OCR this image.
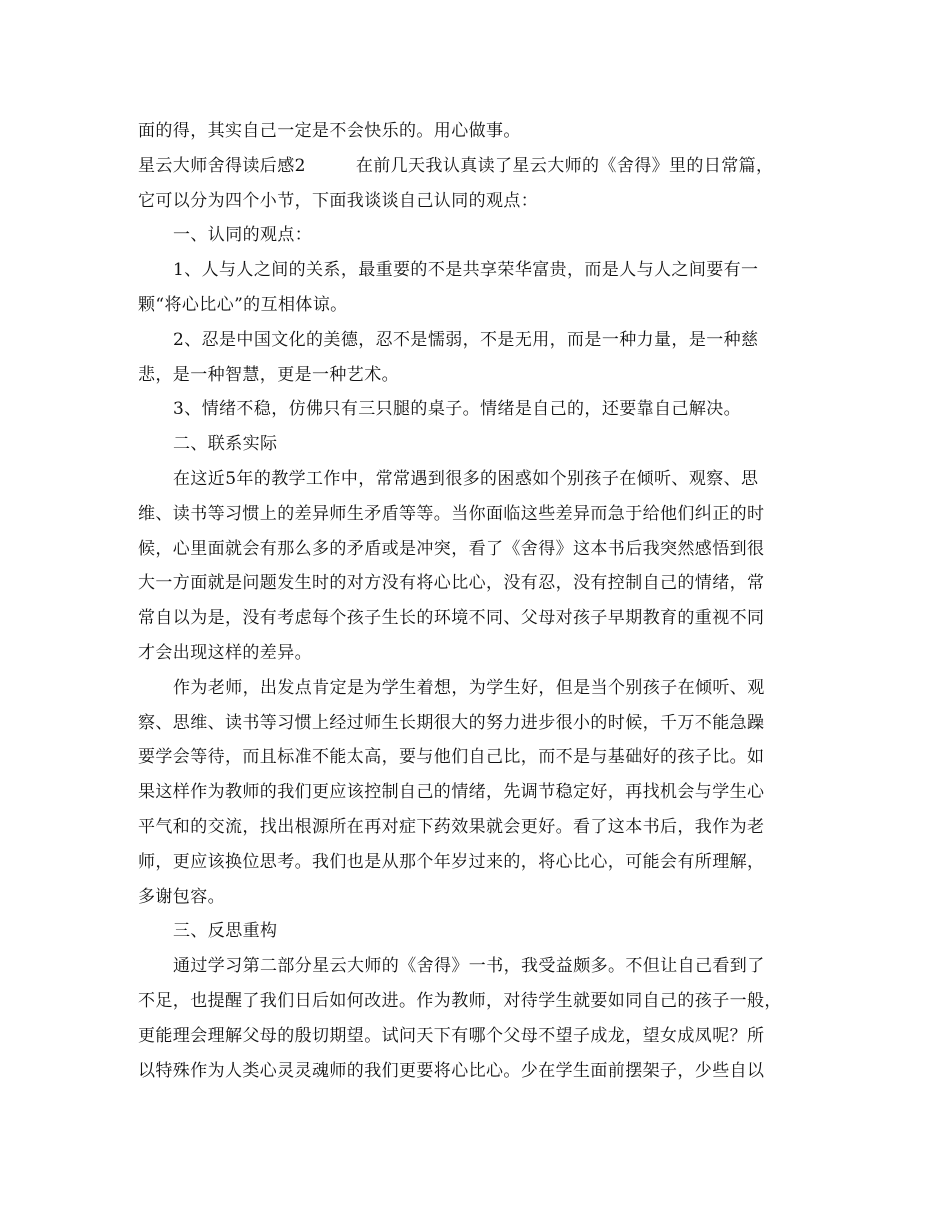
面的得，其实自己一定是不会快乐的。用心做事。
星云大师舍得读后感2	在前几天我认真读了星云大师的《舍得》里的日常篇，
它可以分为四个小节，下面我谈谈自己认同的观点：
一、认同的观点：
1、人与人之间的关系，最重要的不是共享荣华富贵，而是人与人之间要有一
颗“将心比心”的互相体谅。
2、忍是中国文化的美德，忍不是懦弱，不是无用，而是一种力量，是一种慈
悲，是一种智慧，更是一种艺术。
3、情绪不稳，仿佛只有三只腿的桌子。情绪是自己的，还要靠自己解决。
二、联系实际
在这近5年的教学工作中，常常遇到很多的困惑如个别孩子在倾听、观察、思
维、读书等习惯上的差异师生矛盾等等。当你面临这些差异而急于给他们纠正的时
候，心里面就会有那么多的矛盾或是冲突，看了《舍得》这本书后我突然感悟到很
大一方面就是问题发生时的对方没有将心比心，没有忍，没有控制自己的情绪，常
常自以为是，没有考虑每个孩子生长的环境不同、父母对孩子早期教育的重视不同
才会出现这样的差异。
作为老师，出发点肯定是为学生着想，为学生好，但是当个别孩子在倾听、观
察、思维、读书等习惯上经过师生长期很大的努力进步很小的时候，千万不能急躁
要学会等待，而且标准不能太高，要与他们自己比，而不是与基础好的孩子比。如
果这样作为教师的我们更应该控制自己的情绪，先调节稳定好，再找机会与学生心
平气和的交流，找出根源所在再对症下药效果就会更好。看了这本书后，我作为老
师，更应该换位思考。我们也是从那个年岁过来的，将心比心，可能会有所理解，
多谢包容。
三、反思重构
通过学习第二部分星云大师的《舍得》一书，我受益颇多。不但让自己看到了
不足，也提醒了我们日后如何改进。作为教师，对待学生就要如同自己的孩子一般，
更能理会理解父母的殷切期望。试问天下有哪个父母不望子成龙，望女成凤呢？所
以特殊作为人类心灵灵魂师的我们更要将心比心。少在学生面前摆架子，少些自以
